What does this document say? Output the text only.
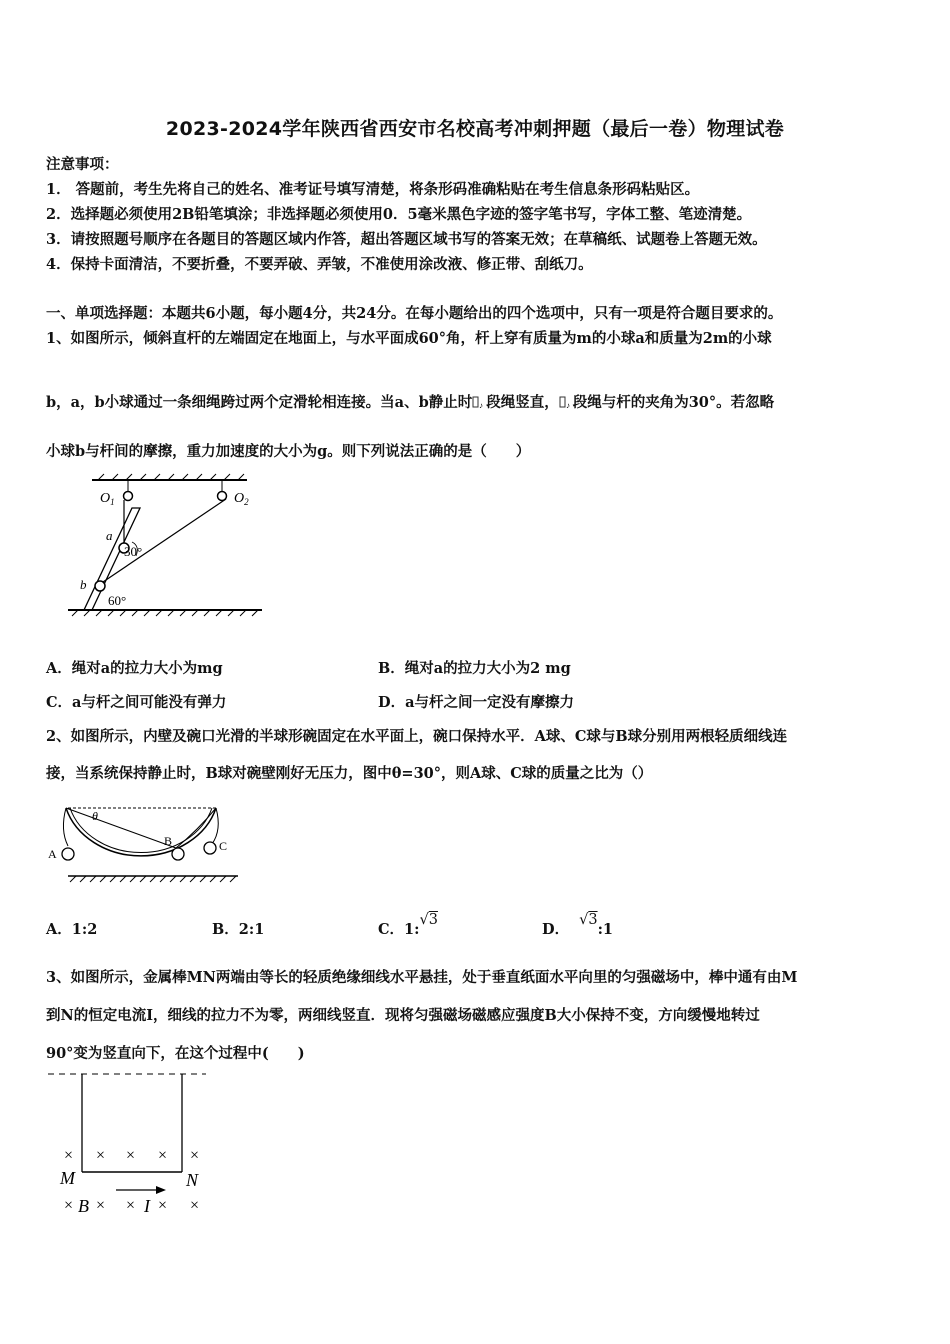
2023-2024学年陕西省西安市名校高考冲刺押题（最后一卷）物理试卷
注意事项：
1． 答题前，考生先将自己的姓名、准考证号填写清楚，将条形码准确粘贴在考生信息条形码粘贴区。
2．选择题必须使用2B铅笔填涂；非选择题必须使用0．5毫米黑色字迹的签字笔书写，字体工整、笔迹清楚。
3．请按照题号顺序在各题目的答题区域内作答，超出答题区域书写的答案无效；在草稿纸、试题卷上答题无效。
4．保持卡面清洁，不要折叠，不要弄破、弄皱，不准使用涂改液、修正带、刮纸刀。
一、单项选择题：本题共6小题，每小题4分，共24分。在每小题给出的四个选项中，只有一项是符合题目要求的。
1、如图所示，倾斜直杆的左端固定在地面上，与水平面成60°角，杆上穿有质量为m的小球a和质量为2m的小球
b，a，b小球通过一条细绳跨过两个定滑轮相连接。当a、b静止时 ♪ 段绳竖直， ♪ 段绳与杆的夹角为30°。若忽略
小球b与杆间的摩擦，重力加速度的大小为g。则下列说法正确的是（　　）
$O_1$	$O_2$
a
b
30°
60°
A．绳对a的拉力大小为mg	B．绳对a的拉力大小为2 mg
C．a与杆之间可能没有弹力	D．a与杆之间一定没有摩擦力
2、如图所示，内壁及碗口光滑的半球形碗固定在水平面上，碗口保持水平．A球、C球与B球分别用两根轻质细线连
接，当系统保持静止时，B球对碗壁刚好无压力，图中θ=30°，则A球、C球的质量之比为（）
A
B	C
θ
A．1:2	B．2:1	C．1:√3
D．√3:1
3、如图所示，金属棒MN两端由等长的轻质绝缘细线水平悬挂，处于垂直纸面水平向里的匀强磁场中，棒中通有由M
到N的恒定电流I，细线的拉力不为零，两细线竖直．现将匀强磁场磁感应强度B大小保持不变，方向缓慢地转过
90°变为竖直向下，在这个过程中(　　)
× × × × ×
× × × × ×
M	N
B	I
